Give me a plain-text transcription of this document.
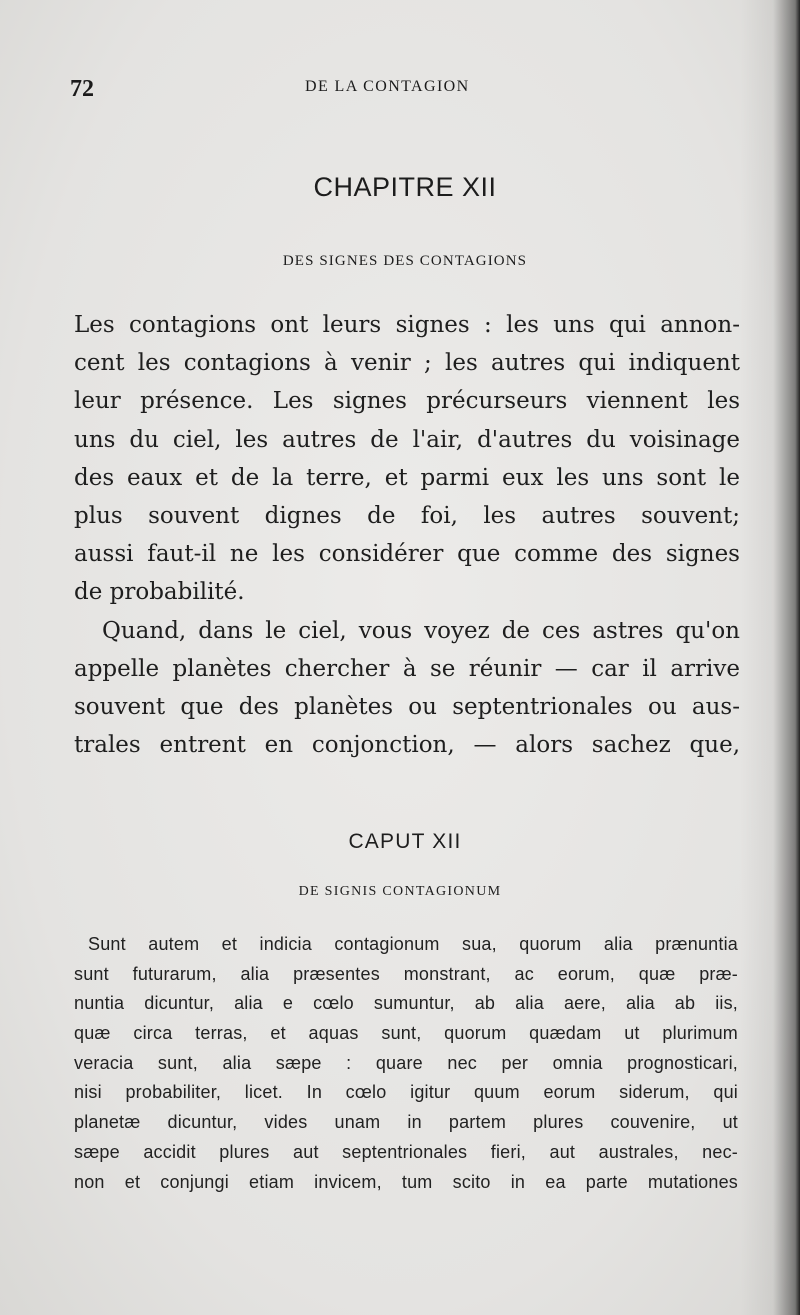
72	DE LA CONTAGION
CHAPITRE XII
DES SIGNES DES CONTAGIONS
Les contagions ont leurs signes : les uns qui annon-
cent les contagions à venir ; les autres qui indiquent
leur présence. Les signes précurseurs viennent les
uns du ciel, les autres de l'air, d'autres du voisinage
des eaux et de la terre, et parmi eux les uns sont le
plus souvent dignes de foi, les autres souvent;
aussi faut-il ne les considérer que comme des signes
de probabilité.
Quand, dans le ciel, vous voyez de ces astres qu'on
appelle planètes chercher à se réunir — car il arrive
souvent que des planètes ou septentrionales ou aus-
trales entrent en conjonction, — alors sachez que,
CAPUT XII
DE SIGNIS CONTAGIONUM
Sunt autem et indicia contagionum sua, quorum alia prænuntia
sunt futurarum, alia præsentes monstrant, ac eorum, quæ præ-
nuntia dicuntur, alia e cœlo sumuntur, ab alia aere, alia ab iis,
quæ circa terras, et aquas sunt, quorum quædam ut plurimum
veracia sunt, alia sæpe : quare nec per omnia prognosticari,
nisi probabiliter, licet. In cœlo igitur quum eorum siderum, qui
planetæ dicuntur, vides unam in partem plures couvenire, ut
sæpe accidit plures aut septentrionales fieri, aut australes, nec-
non et conjungi etiam invicem, tum scito in ea parte mutationes
